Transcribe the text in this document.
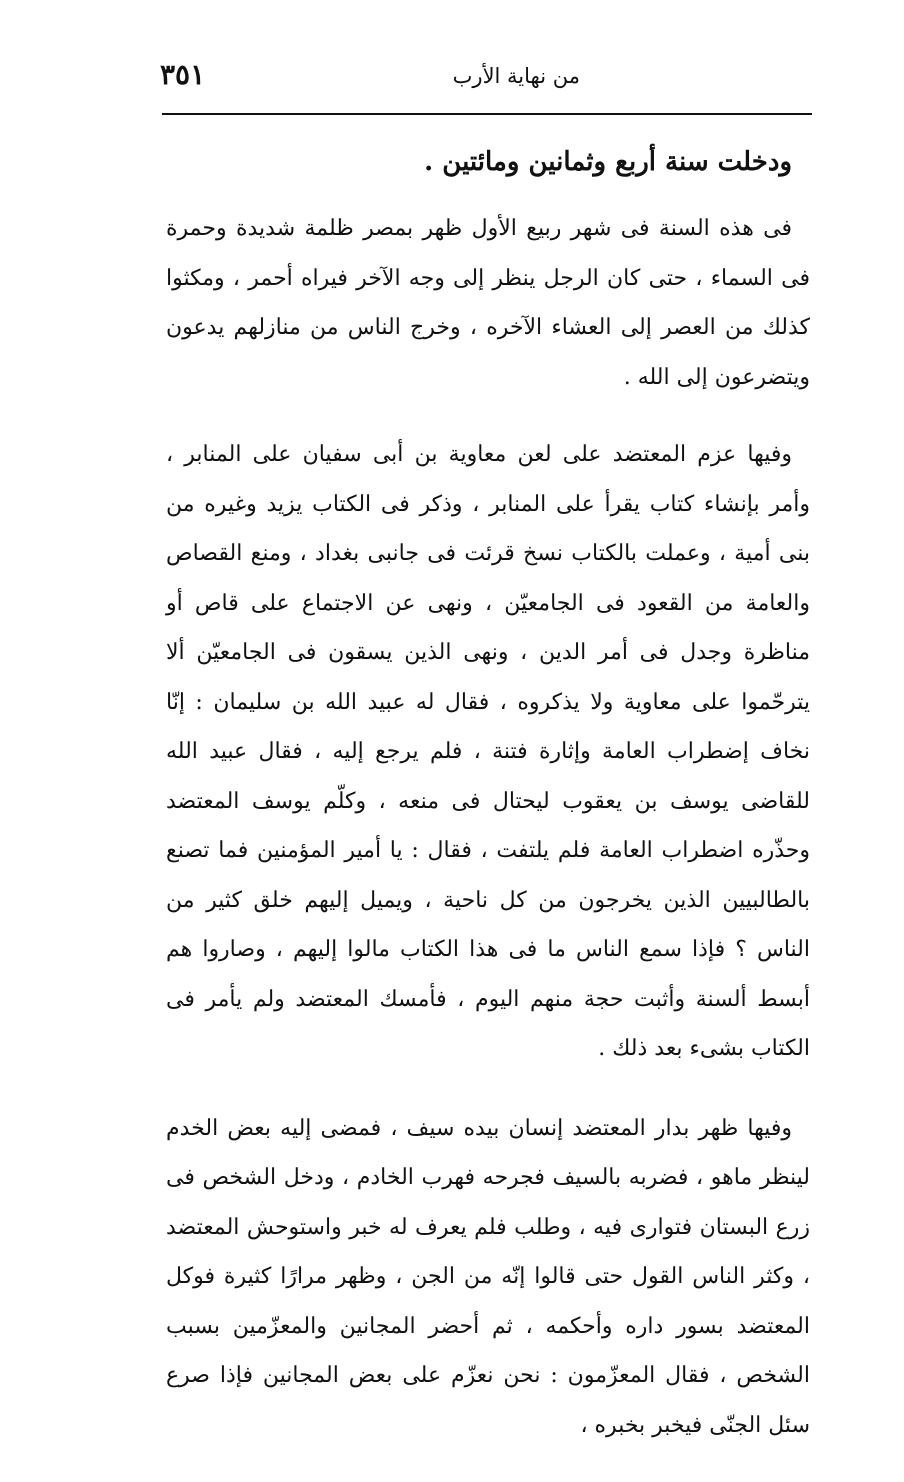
٣٥١	من نهاية الأرب
ودخلت سنة أربع وثمانين ومائتين .

فى هذه السنة فى شهر ربيع الأول ظهر بمصر ظلمة شديدة وحمرة فى السماء ، حتى كان الرجل ينظر إلى وجه الآخر فيراه أحمر ، ومكثوا كذلك من العصر إلى العشاء الآخره ، وخرج الناس من منازلهم يدعون ويتضرعون إلى الله .

وفيها عزم المعتضد على لعن معاوية بن أبى سفيان على المنابر ، وأمر بإنشاء كتاب يقرأ على المنابر ، وذكر فى الكتاب يزيد وغيره من بنى أمية ، وعملت بالكتاب نسخ قرئت فى جانبى بغداد ، ومنع القصاص والعامة من القعود فى الجامعيّن ، ونهى عن الاجتماع على قاص أو مناظرة وجدل فى أمر الدين ، ونهى الذين يسقون فى الجامعيّن ألا يترحّموا على معاوية ولا يذكروه ، فقال له عبيد الله بن سليمان : إنّا نخاف إضطراب العامة وإثارة فتنة ، فلم يرجع إليه ، فقال عبيد الله للقاضى يوسف بن يعقوب ليحتال فى منعه ، وكلّم يوسف المعتضد وحذّره اضطراب العامة فلم يلتفت ، فقال : يا أمير المؤمنين فما تصنع بالطالبيين الذين يخرجون من كل ناحية ، ويميل إليهم خلق كثير من الناس ؟ فإذا سمع الناس ما فى هذا الكتاب مالوا إليهم ، وصاروا هم أبسط ألسنة وأثبت حجة منهم اليوم ، فأمسك المعتضد ولم يأمر فى الكتاب بشىء بعد ذلك .

وفيها ظهر بدار المعتضد إنسان بيده سيف ، فمضى إليه بعض الخدم لينظر ماهو ، فضربه بالسيف فجرحه فهرب الخادم ، ودخل الشخص فى زرع البستان فتوارى فيه ، وطلب فلم يعرف له خبر واستوحش المعتضد ، وكثر الناس القول حتى قالوا إنّه من الجن ، وظهر مرارًا كثيرة فوكل المعتضد بسور داره وأحكمه ، ثم أحضر المجانين والمعزّمين بسبب الشخص ، فقال المعزّمون : نحن نعزّم على بعض المجانين فإذا صرع سئل الجنّى فيخبر بخبره ،
